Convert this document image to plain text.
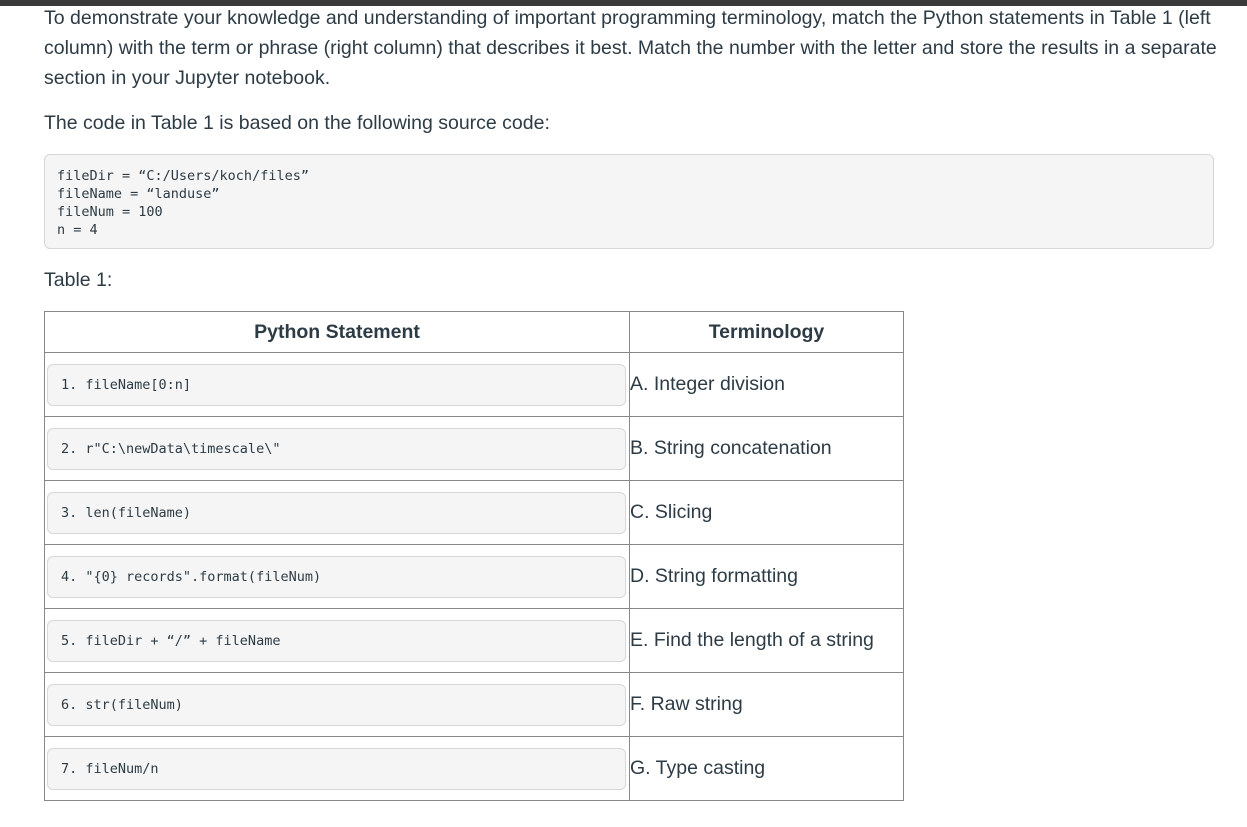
To demonstrate your knowledge and understanding of important programming terminology, match the Python statements in Table 1 (left column) with the term or phrase (right column) that describes it best. Match the number with the letter and store the results in a separate section in your Jupyter notebook.

The code in Table 1 is based on the following source code:

fileDir = “C:/Users/koch/files”
fileName = “landuse”
fileNum = 100
n = 4
Table 1:
Python Statement	Terminology

1. fileName[0:n]	A. Integer division

2. r"C:\newData\timescale\"	B. String concatenation

3. len(fileName)	C. Slicing

4. "{0} records".format(fileNum)	D. String formatting

5. fileDir + “/” + fileName	E. Find the length of a string

6. str(fileNum)	F. Raw string

7. fileNum/n	G. Type casting
